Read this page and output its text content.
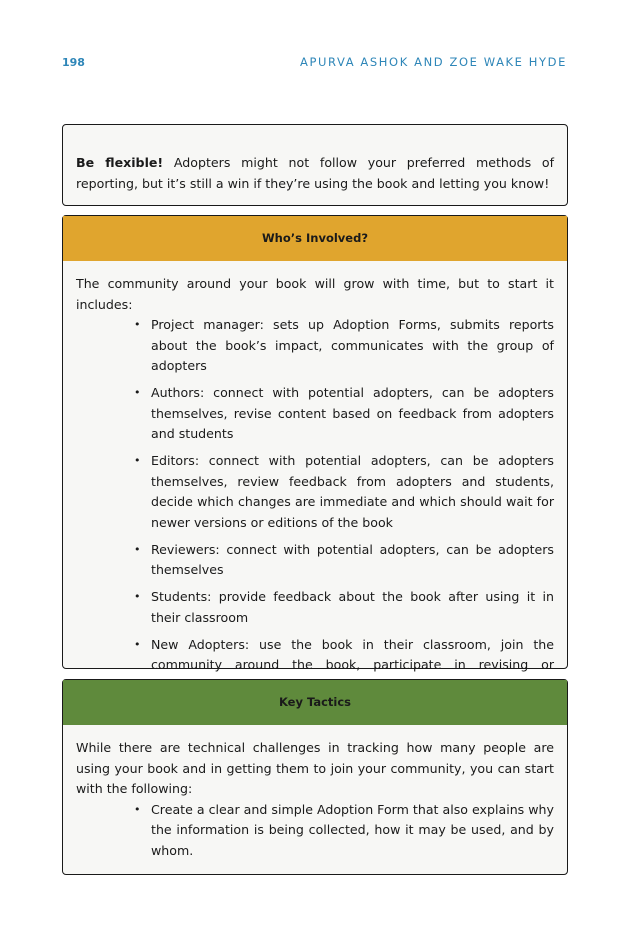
198	APURVA ASHOK AND ZOE WAKE HYDE

Be flexible! Adopters might not follow your preferred methods of reporting, but it’s still a win if they’re using the book and letting you know!

Who’s Involved?

The community around your book will grow with time, but to start it includes:

• Project manager: sets up Adoption Forms, submits reports about the book’s impact, communicates with the group of adopters
• Authors: connect with potential adopters, can be adopters themselves, revise content based on feedback from adopters and students
• Editors: connect with potential adopters, can be adopters themselves, review feedback from adopters and students, decide which changes are immediate and which should wait for newer versions or editions of the book
• Reviewers: connect with potential adopters, can be adopters themselves
• Students: provide feedback about the book after using it in their classroom
• New Adopters: use the book in their classroom, join the community around the book, participate in revising or
Key Tactics

While there are technical challenges in tracking how many people are using your book and in getting them to join your community, you can start with the following:

• Create a clear and simple Adoption Form that also explains why the information is being collected, how it may be used, and by whom.
